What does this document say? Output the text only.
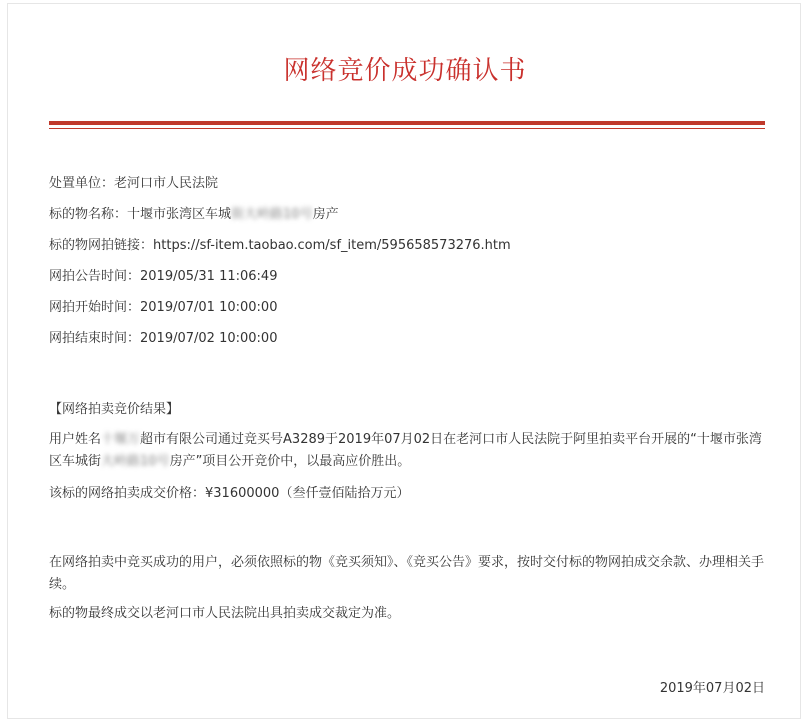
网络竞价成功确认书
处置单位：老河口市人民法院
标的物名称：十堰市张湾区车城街大岭路10号房产
标的物网拍链接：https://sf-item.taobao.com/sf_item/595658573276.htm
网拍公告时间：2019/05/31 11:06:49
网拍开始时间：2019/07/01 10:00:00
网拍结束时间：2019/07/02 10:00:00
【网络拍卖竞价结果】
用户姓名十堰万超市有限公司通过竞买号A3289于2019年07月02日在老河口市人民法院于阿里拍卖平台开展的“十堰市张湾区车城街大岭路10号房产”项目公开竞价中，以最高应价胜出。
该标的网络拍卖成交价格：¥31600000（叁仟壹佰陆拾万元）
在网络拍卖中竞买成功的用户，必须依照标的物《竞买须知》、《竞买公告》要求，按时交付标的物网拍成交余款、办理相关手续。
标的物最终成交以老河口市人民法院出具拍卖成交裁定为准。
2019年07月02日
